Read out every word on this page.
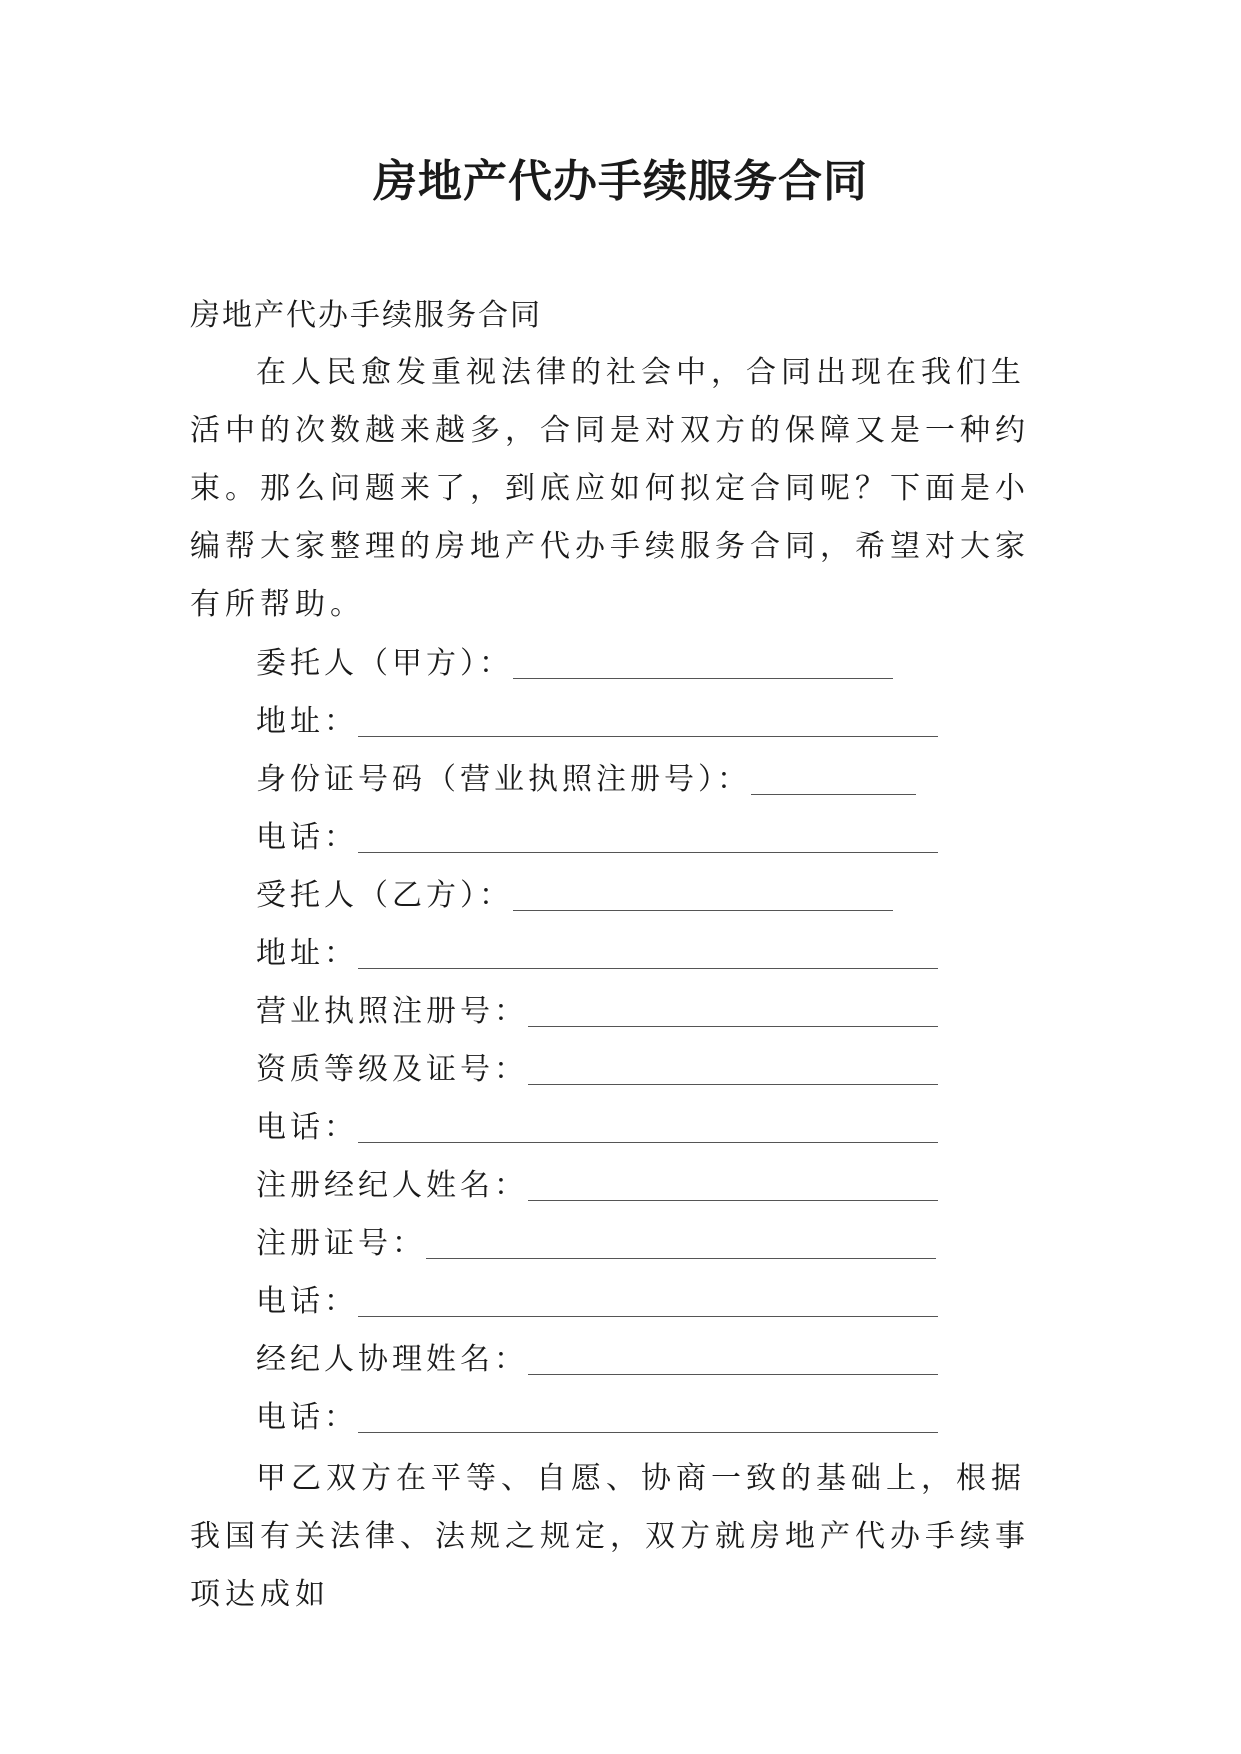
房地产代办手续服务合同

房地产代办手续服务合同

在人民愈发重视法律的社会中，合同出现在我们生活中的次数越来越多，合同是对双方的保障又是一种约束。那么问题来了，到底应如何拟定合同呢？下面是小编帮大家整理的房地产代办手续服务合同，希望对大家有所帮助。

委托人（甲方）：
地址：
身份证号码（营业执照注册号）：
电话：
受托人（乙方）：
地址：
营业执照注册号：
资质等级及证号：
电话：
注册经纪人姓名：
注册证号：
电话：
经纪人协理姓名：
电话：

甲乙双方在平等、自愿、协商一致的基础上，根据我国有关法律、法规之规定，双方就房地产代办手续事项达成如
